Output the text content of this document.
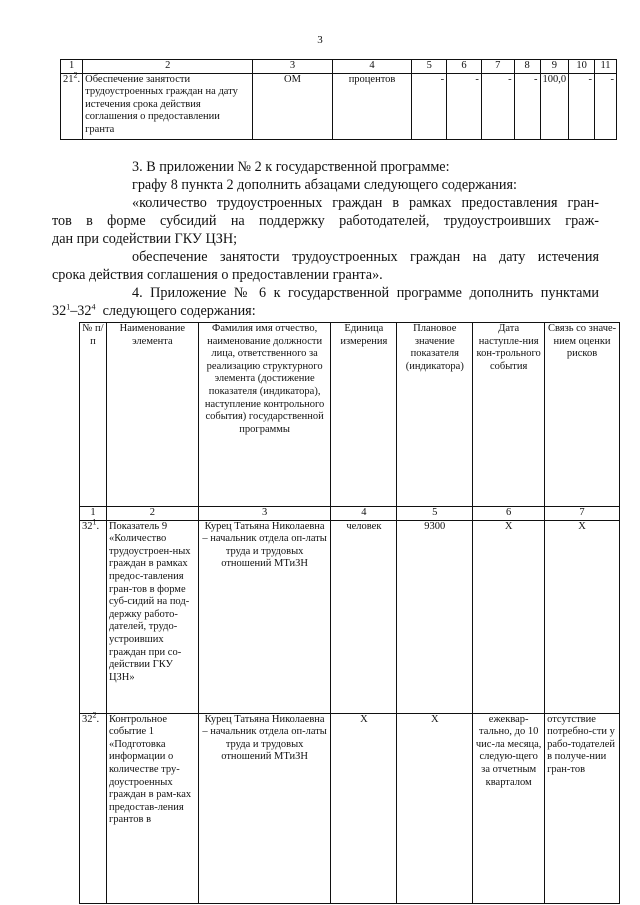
3
1	2	3	4	5	6	7	8	9	10	11
$21^2$.	Обеспечение занятости трудоустроенных граждан на дату истечения срока действия соглашения о предоставлении гранта	ОМ	процентов	-	-	-	-	100,0	-	-
3. В приложении № 2 к государственной программе:
графу 8 пункта 2 дополнить абзацами следующего содержания:
«количество трудоустроенных граждан в рамках предоставления гран-
тов в форме субсидий на поддержку работодателей, трудоустроивших граж-
дан при содействии ГКУ ЦЗН;
обеспечение занятости трудоустроенных граждан на дату истечения
срока действия соглашения о предоставлении гранта».
4. Приложение № 6 к государственной программе дополнить пунктами
$32^1-32^4$  следующего содержания:
№ п/п	Наименование элемента	Фамилия имя отчество, наименование должности лица, ответственного за реализацию структурного элемента (достижение показателя (индикатора), наступление контрольного события) государственной программы	Единица измерения	Плановое значение показателя (индикатора)	Дата наступле-ния кон-трольного события	Связь со значе-нием оценки рисков
1	2	3	4	5	6	7
$32^1$.	Показатель 9 «Количество трудоустроен-ных граждан в рамках предос-тавления гран-тов в форме суб-сидий на под-держку работо-дателей, трудо-устроивших граждан при со-действии ГКУ ЦЗН»	Курец Татьяна Николаевна – начальник отдела оп-латы труда и трудовых отношений МТиЗН	человек	9300	Х	Х
$32^2$.	Контрольное событие 1 «Подготовка информации о количестве тру-доустроенных граждан в рам-ках предостав-ления грантов в	Курец Татьяна Николаевна – начальник отдела оп-латы труда и трудовых отношений МТиЗН	Х	Х	ежеквар-тально, до 10 чис-ла месяца, следую-щего за отчетным кварталом	отсутствие потребно-сти у рабо-тодателей в получе-нии гран-тов
